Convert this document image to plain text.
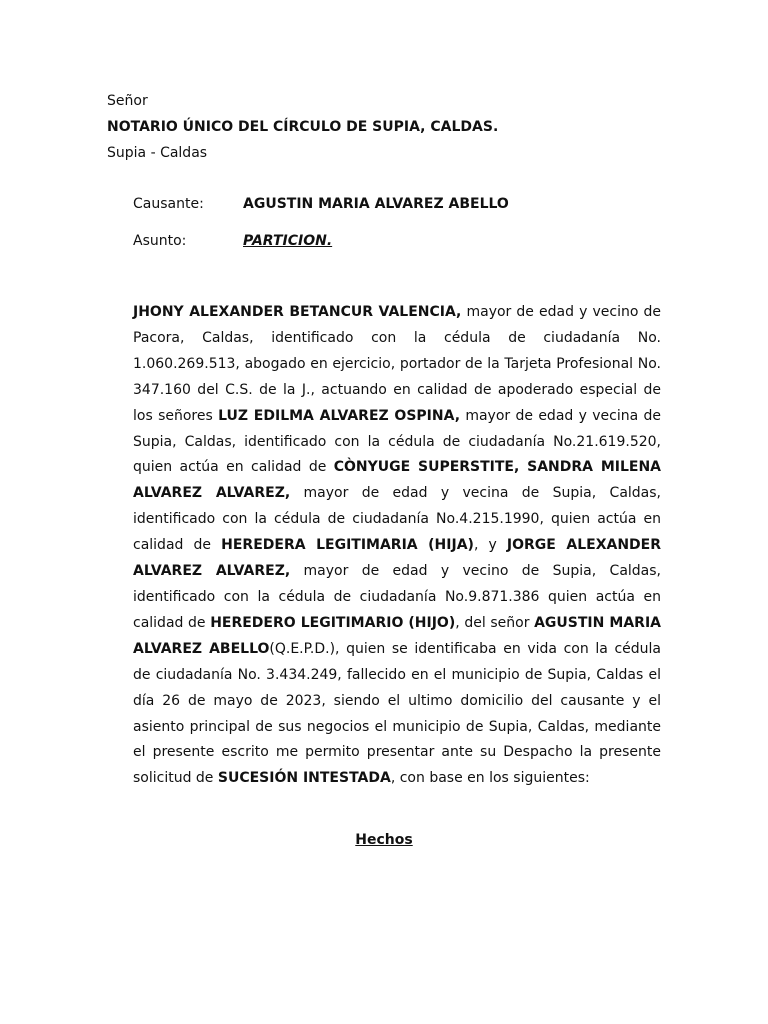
Señor
NOTARIO ÚNICO DEL CÍRCULO DE SUPIA, CALDAS.
Supia - Caldas
Causante:	AGUSTIN MARIA ALVAREZ ABELLO
Asunto:	PARTICION.
JHONY ALEXANDER BETANCUR VALENCIA, mayor de edad y vecino de Pacora, Caldas, identificado con la cédula de ciudadanía No. 1.060.269.513, abogado en ejercicio, portador de la Tarjeta Profesional No. 347.160 del C.S. de la J., actuando en calidad de apoderado especial de los señores LUZ EDILMA ALVAREZ OSPINA, mayor de edad y vecina de Supia, Caldas, identificado con la cédula de ciudadanía No.21.619.520, quien actúa en calidad de CÒNYUGE SUPERSTITE, SANDRA MILENA ALVAREZ ALVAREZ, mayor de edad y vecina de Supia, Caldas, identificado con la cédula de ciudadanía No.4.215.1990, quien actúa en calidad de HEREDERA LEGITIMARIA (HIJA), y JORGE ALEXANDER ALVAREZ ALVAREZ, mayor de edad y vecino de Supia, Caldas, identificado con la cédula de ciudadanía No.9.871.386 quien actúa en calidad de HEREDERO LEGITIMARIO (HIJO), del señor AGUSTIN MARIA ALVAREZ ABELLO(Q.E.P.D.), quien se identificaba en vida con la cédula de ciudadanía No. 3.434.249, fallecido en el municipio de Supia, Caldas el día 26 de mayo de 2023, siendo el ultimo domicilio del causante y el asiento principal de sus negocios el municipio de Supia, Caldas, mediante el presente escrito me permito presentar ante su Despacho la presente solicitud de SUCESIÓN INTESTADA, con base en los siguientes:
Hechos
